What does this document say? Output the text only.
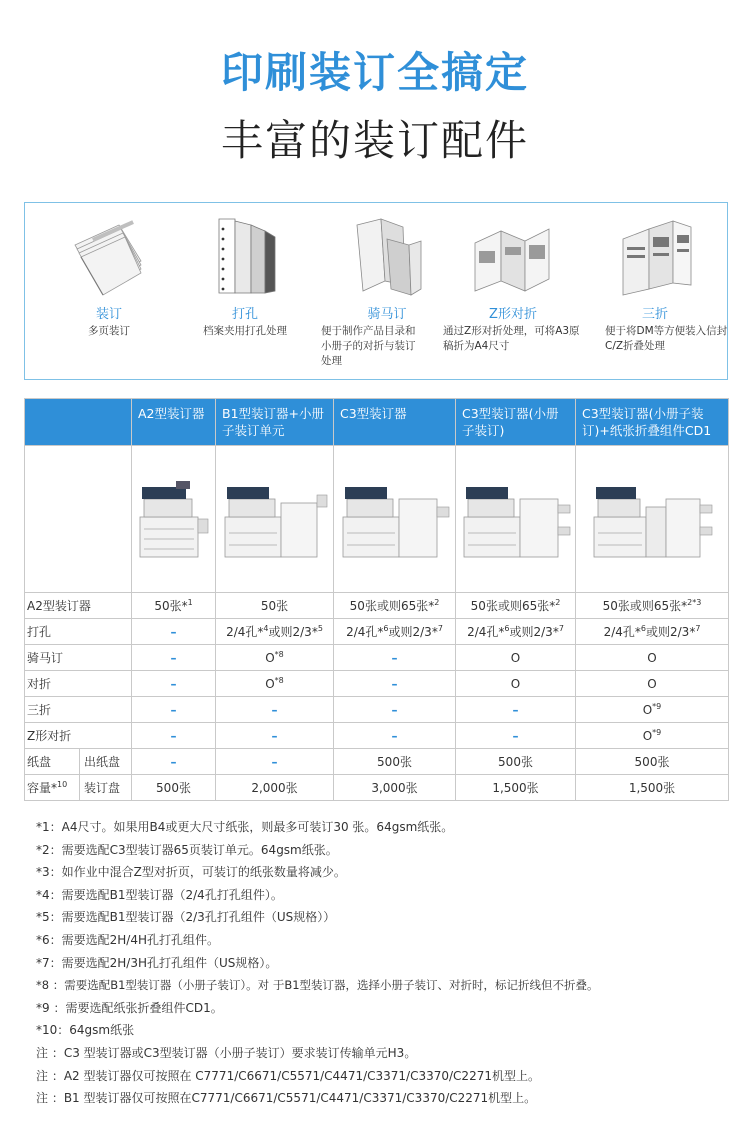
印刷装订全搞定
丰富的装订配件
装订
多页装订
打孔
档案夹用打孔处理
骑马订
便于制作产品目录和小册子的对折与装订处理
Z形对折
通过Z形对折处理，可将A3原稿折为A4尺寸
三折
便于将DM等方便装入信封C/Z折叠处理
		A2型装订器	B1型装订器+小册子装订单元	C3型装订器	C3型装订器(小册子装订)	C3型装订器(小册子装订)+纸张折叠组件CD1

A2型装订器		50张*$^1$	50张	50张或则65张*$^2$	50张或则65张*$^2$	50张或则65张*$^{2*3}$
打孔		–	2/4孔*$^4$或则2/3*$^5$	2/4孔*$^6$或则2/3*$^7$	2/4孔*$^6$或则2/3*$^7$	2/4孔*$^6$或则2/3*$^7$
骑马订		–	$O^{*8}$	–	O	O
对折		–	$O^{*8}$	–	O	O
三折		–	–	–	–	$O^{*9}$
Z形对折		–	–	–	–	$O^{*9}$
纸盘	出纸盘	–	–	500张	500张	500张
容量*$^{10}$	装订盘	500张	2,000张	3,000张	1,500张	1,500张
*1：A4尺寸。如果用B4或更大尺寸纸张，则最多可装订30 张。64gsm纸张。
*2：需要选配C3型装订器65页装订单元。64gsm纸张。
*3：如作业中混合Z型对折页，可装订的纸张数量将减少。
*4：需要选配B1型装订器（2/4孔打孔组件）。
*5：需要选配B1型装订器（2/3孔打孔组件（US规格））
*6：需要选配2H/4H孔打孔组件。
*7：需要选配2H/3H孔打孔组件（US规格）。
*8 ：需要选配B1型装订器（小册子装订）。对 于B1型装订器，选择小册子装订、对折时，标记折线但不折叠。
*9 ：需要选配纸张折叠组件CD1。
*10：64gsm纸张
注 ：C3 型装订器或C3型装订器（小册子装订）要求装订传输单元H3。
注 ：A2 型装订器仅可按照在 C7771/C6671/C5571/C4471/C3371/C3370/C2271机型上。
注 ：B1 型装订器仅可按照在C7771/C6671/C5571/C4471/C3371/C3370/C2271机型上。
